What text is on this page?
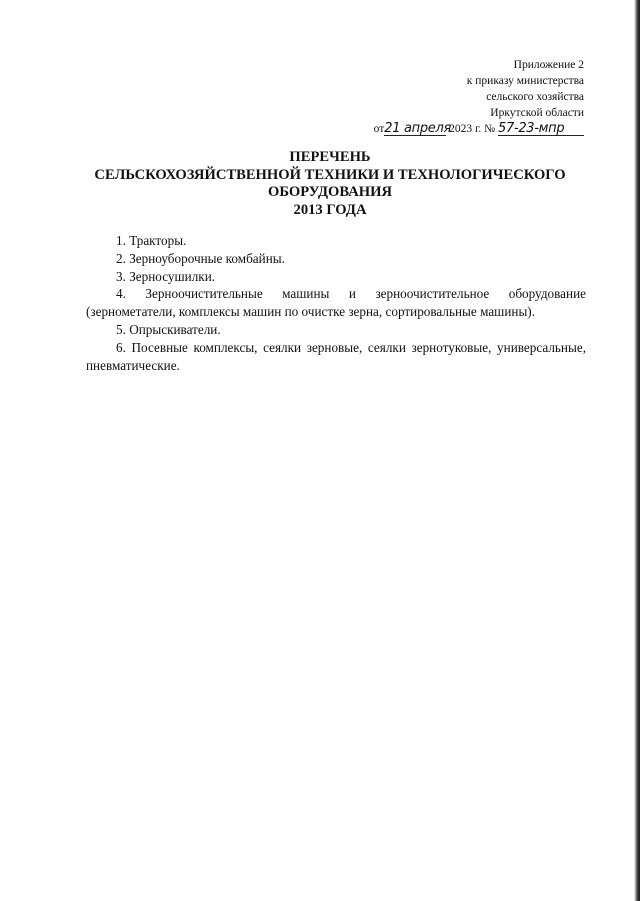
Приложение 2
к приказу министерства
сельского хозяйства
Иркутской области
от21 апреля 2023 г. № 57-23-мпр
ПЕРЕЧЕНЬ
СЕЛЬСКОХОЗЯЙСТВЕННОЙ ТЕХНИКИ И ТЕХНОЛОГИЧЕСКОГО
ОБОРУДОВАНИЯ
2013 ГОДА
1. Тракторы.
2. Зерноуборочные комбайны.
3. Зерносушилки.
4. Зерноочистительные машины и зерноочистительное оборудование (зернометатели, комплексы машин по очистке зерна, сортировальные машины).
5. Опрыскиватели.
6. Посевные комплексы, сеялки зерновые, сеялки зернотуковые, универсальные, пневматические.
